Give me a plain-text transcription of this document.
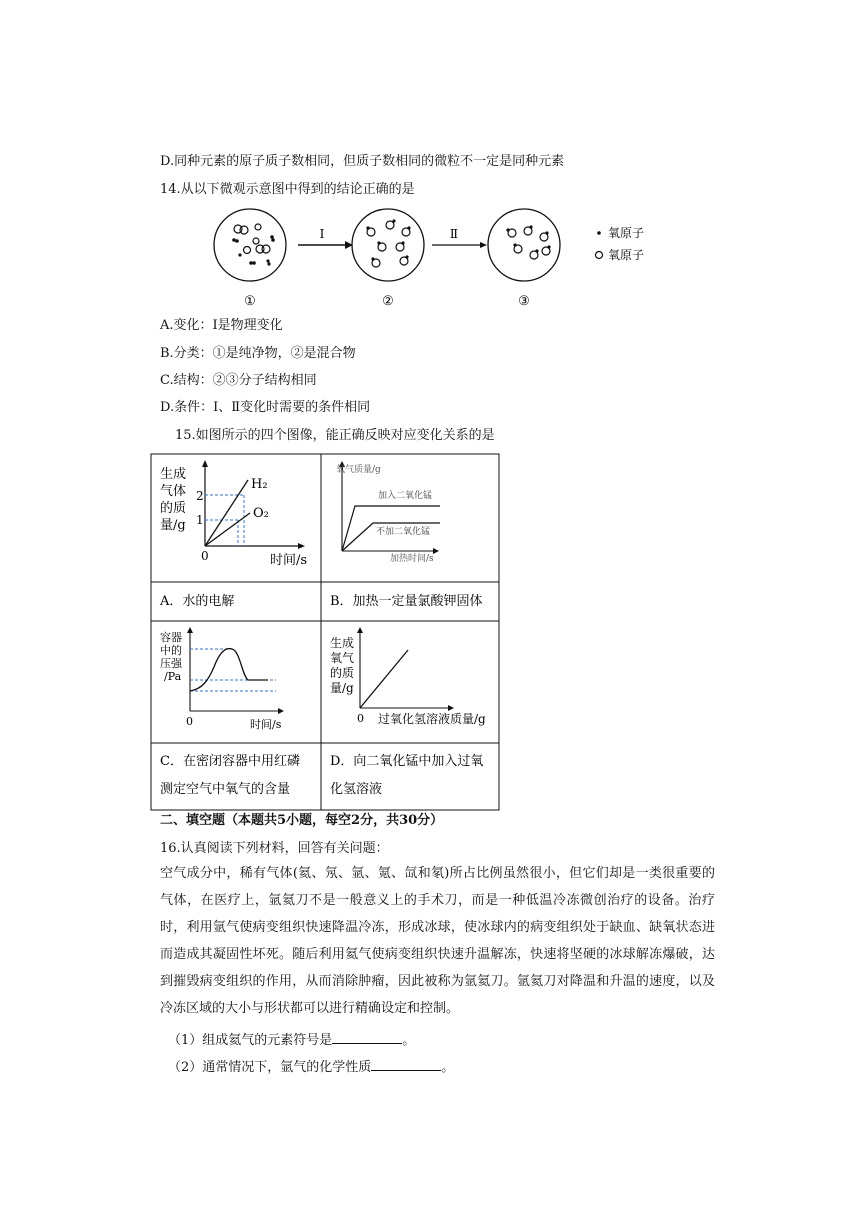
D.同种元素的原子质子数相同，但质子数相同的微粒不一定是同种元素
14.从以下微观示意图中得到的结论正确的是
Ⅰ	Ⅱ
①	②	③
氧原子
氧原子
A.变化：Ⅰ是物理变化
B.分类：①是纯净物，②是混合物
C.结构：②③分子结构相同
D.条件：Ⅰ、Ⅱ变化时需要的条件相同
15.如图所示的四个图像，能正确反映对应变化关系的是
生成
气体
的质
量/g
2
1
0	时间/s
H₂
O₂
A．水的电解
氧气质量/g
加热时间/s
加入二氧化锰
不加二氧化锰
B．加热一定量氯酸钾固体
容器
中的
压强
/Pa
0	时间/s
C．在密闭容器中用红磷
测定空气中氧气的含量
生成
氧气
的质
量/g
0 过氧化氢溶液质量/g
D．向二氧化锰中加入过氧
化氢溶液
二、填空题（本题共5小题，每空2分，共30分）
16.认真阅读下列材料，回答有关问题：
空气成分中，稀有气体(氦、氖、氩、氪、氙和氡)所占比例虽然很小，但它们却是一类很重要的气体，在医疗上，氩氦刀不是一般意义上的手术刀，而是一种低温冷冻微创治疗的设备。治疗时，利用氩气使病变组织快速降温冷冻，形成冰球，使冰球内的病变组织处于缺血、缺氧状态进而造成其凝固性坏死。随后利用氦气使病变组织快速升温解冻，快速将坚硬的冰球解冻爆破，达到摧毁病变组织的作用，从而消除肿瘤，因此被称为氩氦刀。氩氦刀对降温和升温的速度，以及冷冻区域的大小与形状都可以进行精确设定和控制。
（1）组成氦气的元素符号是	。
（2）通常情况下，氩气的化学性质	。
